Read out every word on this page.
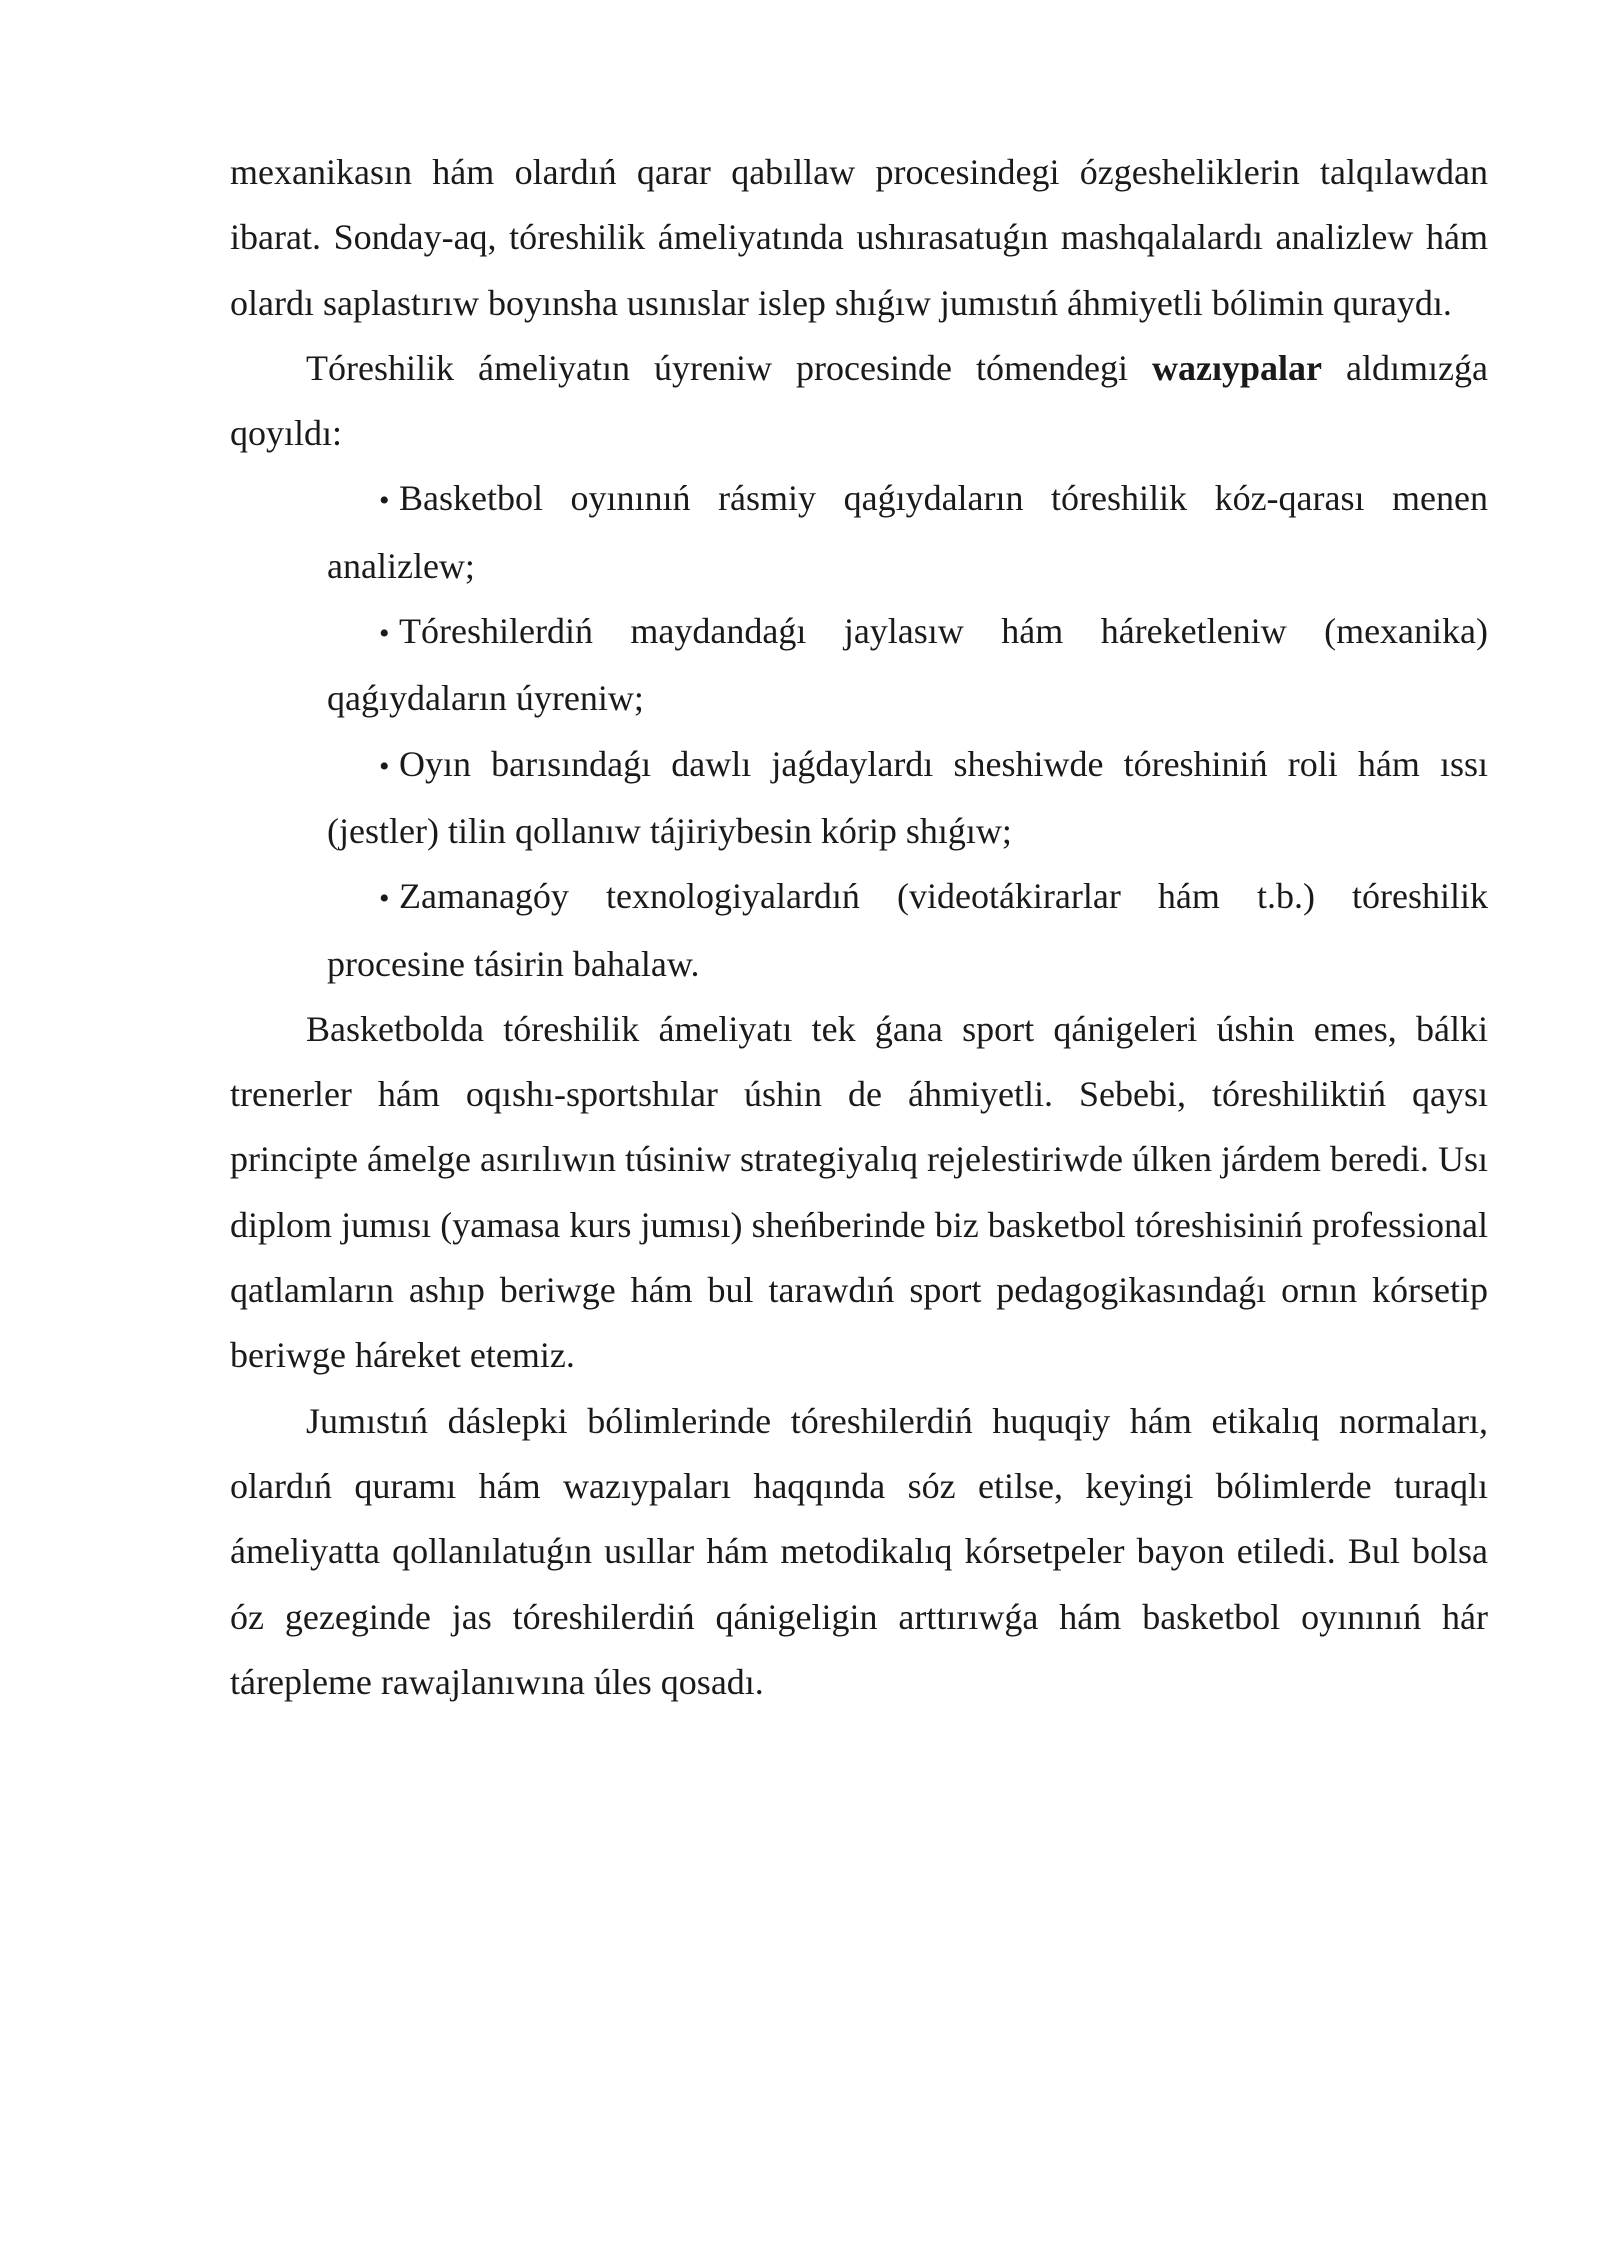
mexanikasın hám olardıń qarar qabıllaw procesindegi ózgesheliklerin talqılawdan ibarat. Sonday-aq, tóreshilik ámeliyatında ushırasatuǵın mashqalalardı analizlew hám olardı saplastırıw boyınsha usınıslar islep shıǵıw jumıstıń áhmiyetli bólimin quraydı.

Tóreshilik ámeliyatın úyreniw procesinde tómendegi wazıypalar aldımızǵa qoyıldı:

• Basketbol oyınınıń rásmiy qaǵıydaların tóreshilik kóz-qarası menen analizlew;
• Tóreshilerdiń maydandaǵı jaylasıw hám háreketleniw (mexanika) qaǵıydaların úyreniw;
• Oyın barısındaǵı dawlı jaǵdaylardı sheshiwde tóreshiniń roli hám ıssı (jestler) tilin qollanıw tájiriybesin kórip shıǵıw;
• Zamanagóy texnologiyalardıń (videotákirarlar hám t.b.) tóreshilik procesine tásirin bahalaw.

Basketbolda tóreshilik ámeliyatı tek ǵana sport qánigeleri úshin emes, bálki trenerler hám oqıshı-sportshılar úshin de áhmiyetli. Sebebi, tóreshiliktiń qaysı principte ámelge asırılıwın túsiniw strategiyalıq rejelestiriwde úlken járdem beredi. Usı diplom jumısı (yamasa kurs jumısı) sheńberinde biz basketbol tóreshisiniń professional qatlamların ashıp beriwge hám bul tarawdıń sport pedagogikasındaǵı ornın kórsetip beriwge háreket etemiz.

Jumıstıń dáslepki bólimlerinde tóreshilerdiń huquqiy hám etikalıq normaları, olardıń quramı hám wazıypaları haqqında sóz etilse, keyingi bólimlerde turaqlı ámeliyatta qollanılatuǵın usıllar hám metodikalıq kórsetpeler bayon etiledi. Bul bolsa óz gezeginde jas tóreshilerdiń qánigeligin arttırıwǵa hám basketbol oyınınıń hár tárepleme rawajlanıwına úles qosadı.
